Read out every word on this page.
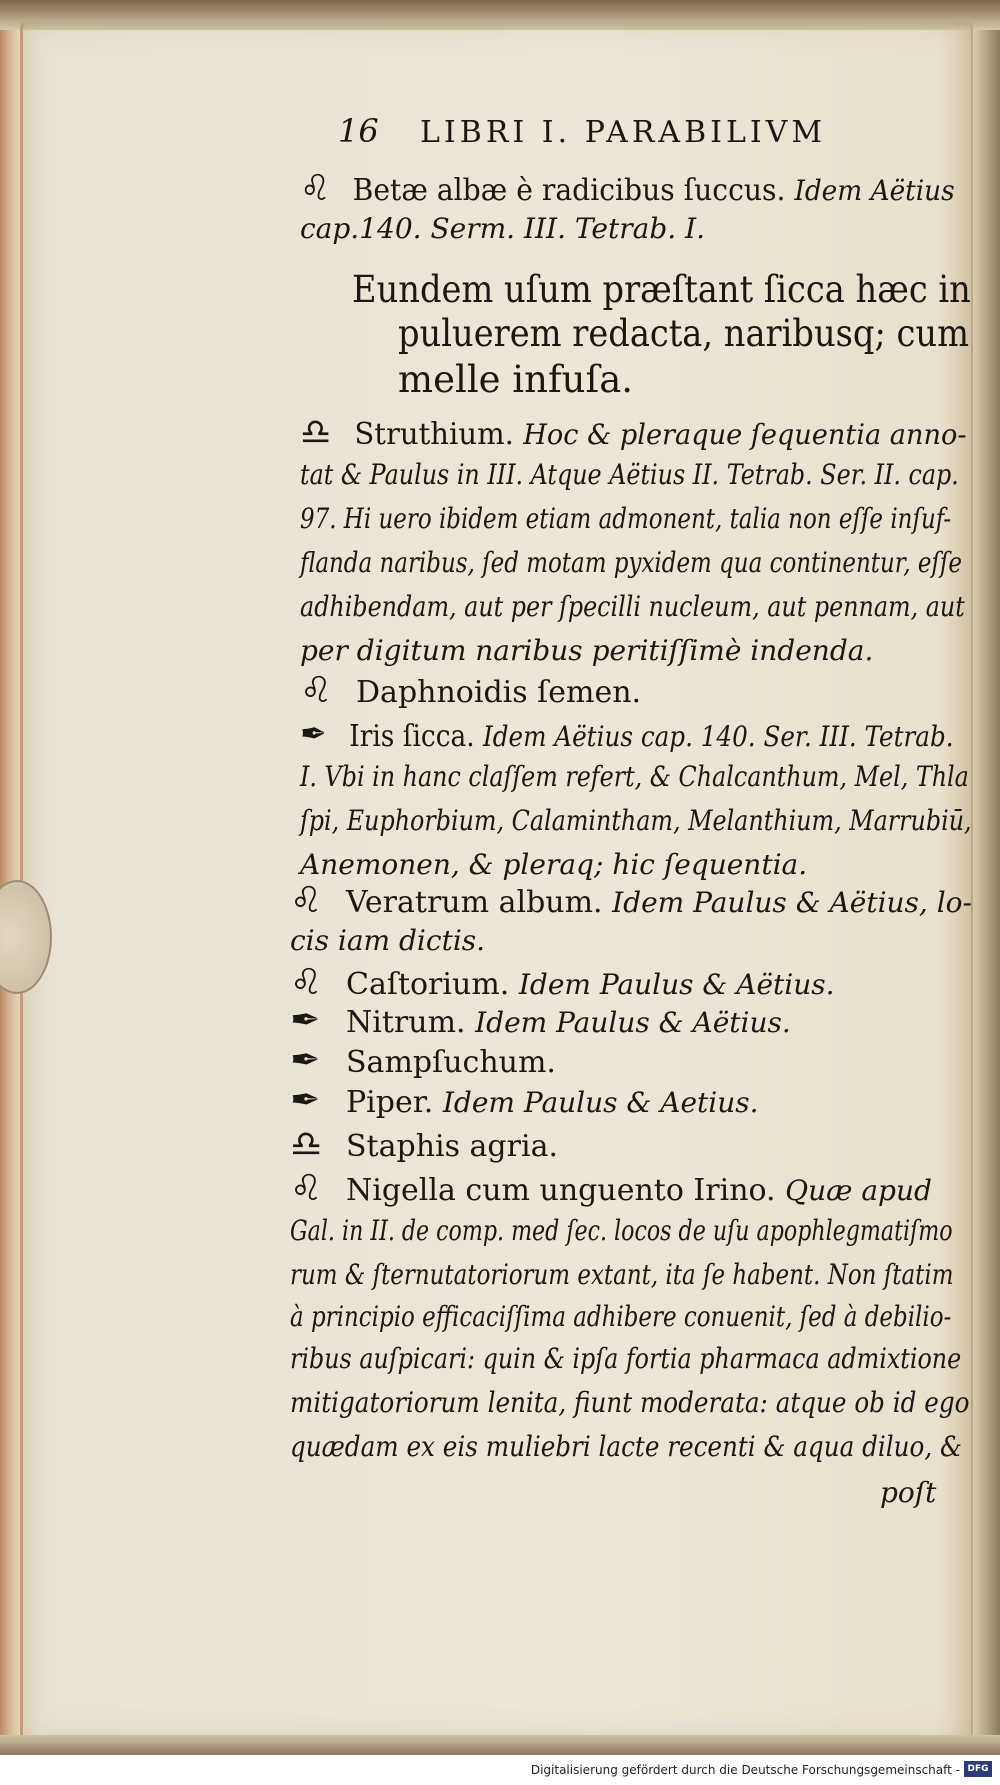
16 LIBRI I. PARABILIVM
♌ Betæ albæ è radicibus ſuccus. Idem Aëtius
cap.140. Serm. III. Tetrab. I.
Eundem uſum præſtant ſicca hæc in
puluerem redacta, naribusq; cum
melle infuſa.
♎ Struthium. Hoc & pleraque ſequentia anno-
tat & Paulus in III. Atque Aëtius II. Tetrab. Ser. II. cap.
97. Hi uero ibidem etiam admonent, talia non eſſe inſuf-
flanda naribus, ſed motam pyxidem qua continentur, eſſe
adhibendam, aut per ſpecilli nucleum, aut pennam, aut
per digitum naribus peritiſſimè indenda.
♌ Daphnoidis ſemen.
✒ Iris ſicca. Idem Aëtius cap. 140. Ser. III. Tetrab.
I. Vbi in hanc claſſem refert, & Chalcanthum, Mel, Thla
ſpi, Euphorbium, Calamintham, Melanthium, Marrubiū,
Anemonen, & pleraq; hic ſequentia.
♌ Veratrum album. Idem Paulus & Aëtius, lo-
cis iam dictis.
♌ Caſtorium. Idem Paulus & Aëtius.
✒ Nitrum. Idem Paulus & Aëtius.
✒ Sampſuchum.
✒ Piper. Idem Paulus & Aetius.
♎ Staphis agria.
♌ Nigella cum unguento Irino. Quæ apud
Gal. in II. de comp. med ſec. locos de uſu apophlegmatiſmo
rum & ſternutatoriorum extant, ita ſe habent. Non ſtatim
à principio efficaciſſima adhibere conuenit, ſed à debilio-
ribus auſpicari: quin & ipſa fortia pharmaca admixtione
mitigatoriorum lenita, fiunt moderata: atque ob id ego
quædam ex eis muliebri lacte recenti & aqua diluo, &
poſt
Digitalisierung gefördert durch die Deutsche Forschungsgemeinschaft - DFG
